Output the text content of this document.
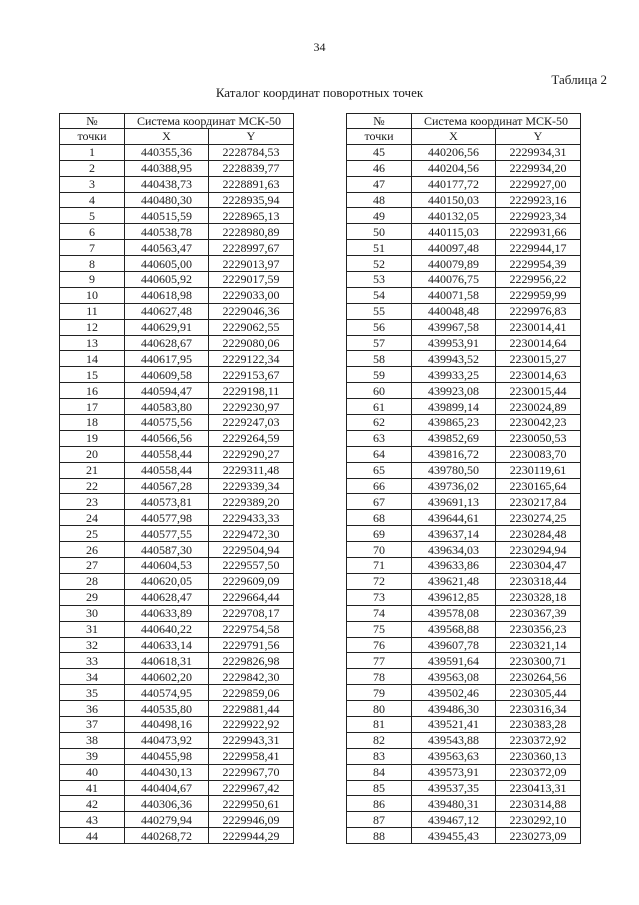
34
Таблица 2
Каталог координат поворотных точек
№	Система координат МСК-50	
точки	X	Y
1	440355,36	2228784,53
2	440388,95	2228839,77
3	440438,73	2228891,63
4	440480,30	2228935,94
5	440515,59	2228965,13
6	440538,78	2228980,89
7	440563,47	2228997,67
8	440605,00	2229013,97
9	440605,92	2229017,59
10	440618,98	2229033,00
11	440627,48	2229046,36
12	440629,91	2229062,55
13	440628,67	2229080,06
14	440617,95	2229122,34
15	440609,58	2229153,67
16	440594,47	2229198,11
17	440583,80	2229230,97
18	440575,56	2229247,03
19	440566,56	2229264,59
20	440558,44	2229290,27
21	440558,44	2229311,48
22	440567,28	2229339,34
23	440573,81	2229389,20
24	440577,98	2229433,33
25	440577,55	2229472,30
26	440587,30	2229504,94
27	440604,53	2229557,50
28	440620,05	2229609,09
29	440628,47	2229664,44
30	440633,89	2229708,17
31	440640,22	2229754,58
32	440633,14	2229791,56
33	440618,31	2229826,98
34	440602,20	2229842,30
35	440574,95	2229859,06
36	440535,80	2229881,44
37	440498,16	2229922,92
38	440473,92	2229943,31
39	440455,98	2229958,41
40	440430,13	2229967,70
41	440404,67	2229967,42
42	440306,36	2229950,61
43	440279,94	2229946,09
44	440268,72	2229944,29
№	Система координат МСК-50	
точки	X	Y
45	440206,56	2229934,31
46	440204,56	2229934,20
47	440177,72	2229927,00
48	440150,03	2229923,16
49	440132,05	2229923,34
50	440115,03	2229931,66
51	440097,48	2229944,17
52	440079,89	2229954,39
53	440076,75	2229956,22
54	440071,58	2229959,99
55	440048,48	2229976,83
56	439967,58	2230014,41
57	439953,91	2230014,64
58	439943,52	2230015,27
59	439933,25	2230014,63
60	439923,08	2230015,44
61	439899,14	2230024,89
62	439865,23	2230042,23
63	439852,69	2230050,53
64	439816,72	2230083,70
65	439780,50	2230119,61
66	439736,02	2230165,64
67	439691,13	2230217,84
68	439644,61	2230274,25
69	439637,14	2230284,48
70	439634,03	2230294,94
71	439633,86	2230304,47
72	439621,48	2230318,44
73	439612,85	2230328,18
74	439578,08	2230367,39
75	439568,88	2230356,23
76	439607,78	2230321,14
77	439591,64	2230300,71
78	439563,08	2230264,56
79	439502,46	2230305,44
80	439486,30	2230316,34
81	439521,41	2230383,28
82	439543,88	2230372,92
83	439563,63	2230360,13
84	439573,91	2230372,09
85	439537,35	2230413,31
86	439480,31	2230314,88
87	439467,12	2230292,10
88	439455,43	2230273,09
